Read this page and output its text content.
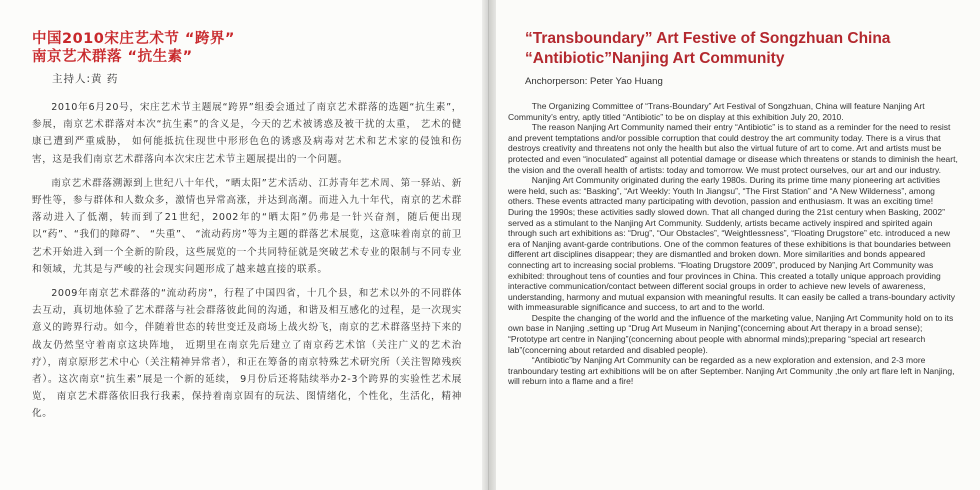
中国2010宋庄艺术节 “跨界”
南京艺术群落 “抗生素”

主持人:黄 药

2010年6月20号，宋庄艺术节主题展“跨界”组委会通过了南京艺术群落的选题“抗生素”，参展，南京艺术群落对本次“抗生素”的含义是，今天的艺术被诱惑及被干扰的太重， 艺术的健康已遭到严重威胁， 如何能抵抗住现世中形形色色的诱惑及病毒对艺术和艺术家的侵蚀和伤害，这是我们南京艺术群落向本次宋庄艺术节主题展提出的一个问题。

南京艺术群落溯源到上世纪八十年代，“晒太阳”艺术活动、江苏青年艺术周、第一驿站、新野性等，参与群体和人数众多，激情也异常高涨，并达到高潮。而进入九十年代，南京的艺术群落动进入了低潮，转而到了21世纪，2002年的“晒太阳”仍弗是一针兴奋剂，随后便出现以“药”、“我们的障碍”、 “失重”、 “流动药房”等为主题的群落艺术展览，这意味着南京的前卫艺术开始进入到一个全新的阶段，这些展览的一个共同特征就是突破艺术专业的限制与不同专业和领域，尤其是与严峻的社会现实问题形成了越来越直接的联系。

2009年南京艺术群落的“流动药房”，行程了中国四省，十几个县，和艺术以外的不同群体去互动，真切地体验了艺术群落与社会群落彼此间的沟通，和谐及相互感化的过程，是一次现实意义的跨界行动。如今，伴随着世态的转世变迁及商场上战火纷飞，南京的艺术群落坚持下来的战友仍然坚守着南京这块阵地， 近期里在南京先后建立了南京药艺术馆（关注广义的艺术治疗），南京原形艺术中心（关注精神异常者），和正在筹备的南京特殊艺术研究所（关注智障残疾者）。这次南京“抗生素”展是一个新的延续， 9月份后还将陆续举办2-3个跨界的实验性艺术展览， 南京艺术群落依旧我行我素，保持着南京固有的玩法、图情绪化，个性化，生活化，精神化。

“Transboundary” Art Festive of Songzhuan China
“Antibiotic”Nanjing Art Community

Anchorperson: Peter Yao Huang

The Organizing Committee of “Trans-Boundary” Art Festival of Songzhuan, China will feature Nanjing Art Community’s entry, aptly titled “Antibiotic” to be on display at this exhibition July 20, 2010.

The reason Nanjing Art Community named their entry “Antibiotic” is to stand as a reminder for the need to resist and prevent temptations and/or possible corruption that could destroy the art community today. There is a virus that destroys creativity and threatens not only the health but also the virtual future of art to come. Art and artists must be protected and even “inoculated” against all potential damage or disease which threatens or stands to diminish the heart, the vision and the overall health of artists: today and tomorrow. We must protect ourselves, our art and our industry.

Nanjing Art Community originated during the early 1980s. During its prime time many pioneering art activities were held, such as: “Basking”, “Art Weekly: Youth In Jiangsu”, “The First Station” and “A New Wilderness”, among others. These events attracted many participating with devotion, passion and enthusiasm. It was an exciting time! During the 1990s; these activities sadly slowed down. That all changed during the 21st century when Basking, 2002” served as a stimulant to the Nanjing Art Community. Suddenly, artists became actively inspired and spirited again through such art exhibitions as: “Drug”, “Our Obstacles”, “Weightlessness”, “Floating Drugstore” etc. introduced a new era of Nanjing avant-garde contributions. One of the common features of these exhibitions is that boundaries between different art disciplines disappear; they are dismantled and broken down. More similarities and bonds appeared connecting art to increasing social problems. “Floating Drugstore 2009”, produced by Nanjing Art Community was exhibited: throughout tens of counties and four provinces in China. This created a totally unique approach providing interactive communication/contact between different social groups in order to achieve new levels of awareness, understanding, harmony and mutual expansion with meaningful results. It can easily be called a trans-boundary activity with immeasurable significance and success, to art and to the world.

Despite the changing of the world and the influence of the marketing value, Nanjing Art Community hold on to its own base in Nanjing ,setting up “Drug Art Museum in Nanjing”(concerning about Art therapy in a broad sense); “Prototype art centre in Nanjing”(concerning about people with abnormal minds);preparing “special art research lab”(concerning about retarded and disabled people).

“Antibiotic”by Nanjing Art Community can be regarded as a new exploration and extension, and 2-3 more tranboundary testing art exhibitions will be on after September. Nanjing Art Community ,the only art flare left in Nanjing, will reburn into a flame and a fire!
